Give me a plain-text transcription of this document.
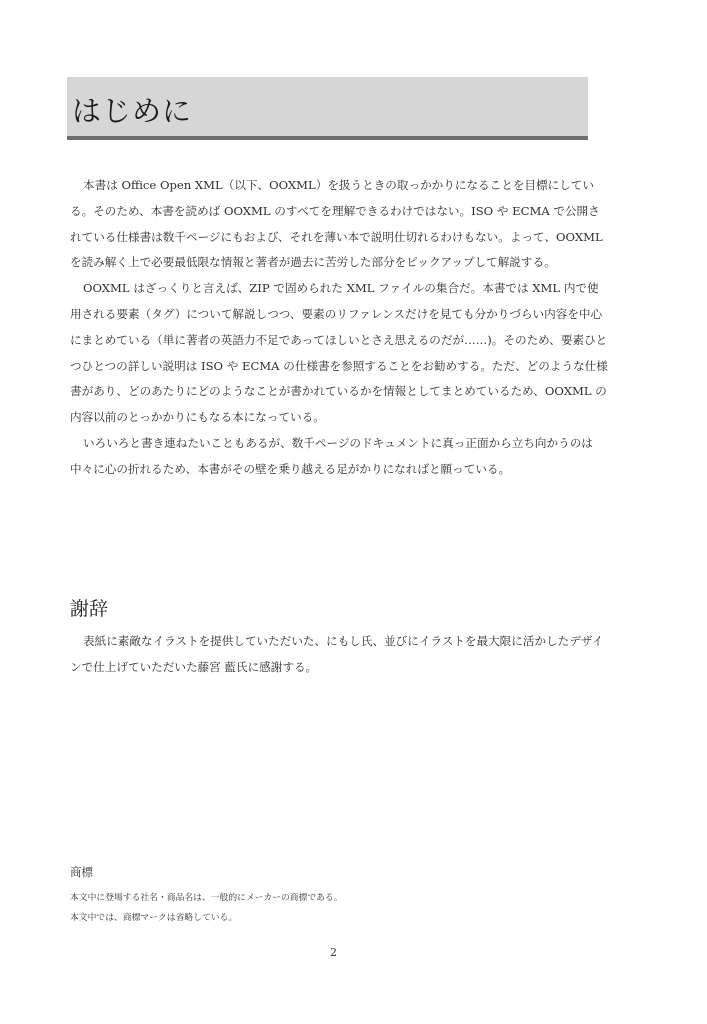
はじめに

本書は Office Open XML（以下、OOXML）を扱うときの取っかかりになることを目標にしている。そのため、本書を読めば OOXML のすべてを理解できるわけではない。ISO や ECMA で公開されている仕様書は数千ページにもおよび、それを薄い本で説明仕切れるわけもない。よって、OOXML を読み解く上で必要最低限な情報と著者が過去に苦労した部分をピックアップして解説する。

OOXML はざっくりと言えば、ZIP で固められた XML ファイルの集合だ。本書では XML 内で使用される要素（タグ）について解説しつつ、要素のリファレンスだけを見ても分かりづらい内容を中心にまとめている（単に著者の英語力不足であってほしいとさえ思えるのだが……)。そのため、要素ひとつひとつの詳しい説明は ISO や ECMA の仕様書を参照することをお勧めする。ただ、どのような仕様書があり、どのあたりにどのようなことが書かれているかを情報としてまとめているため、OOXML の内容以前のとっかかりにもなる本になっている。

いろいろと書き連ねたいこともあるが、数千ページのドキュメントに真っ正面から立ち向かうのは中々に心の折れるため、本書がその壁を乗り越える足がかりになればと願っている。

謝辞

表紙に素敵なイラストを提供していただいた、にもし氏、並びにイラストを最大限に活かしたデザインで仕上げていただいた藤宮 藍氏に感謝する。

商標

本文中に登場する社名・商品名は、一般的にメーカーの商標である。

本文中では、商標マークは省略している。

2
